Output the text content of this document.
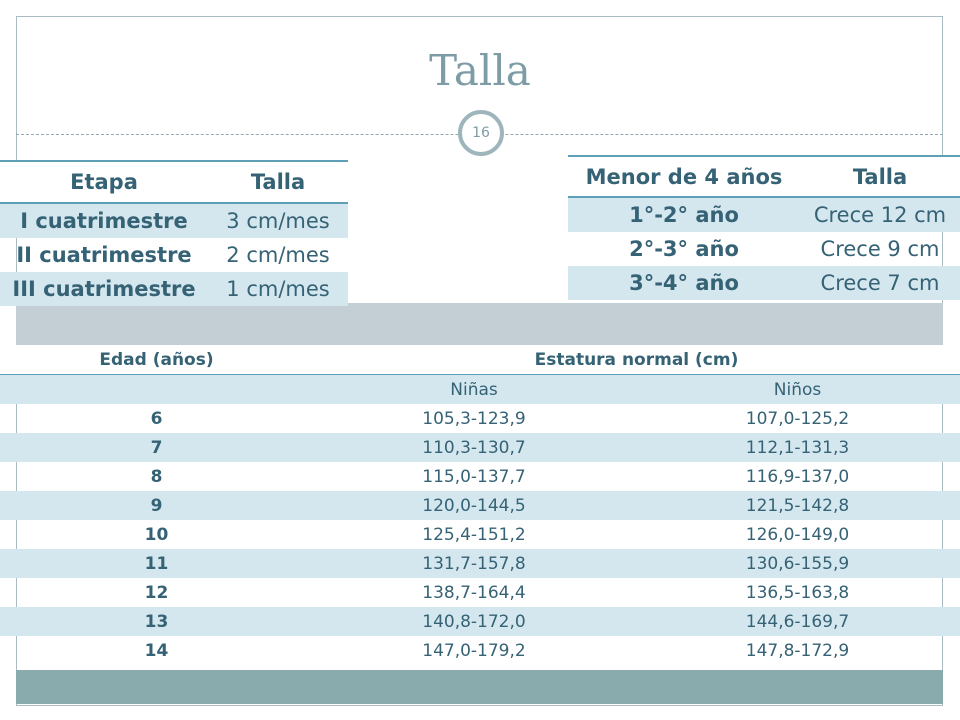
Talla
16
Etapa	Talla
I cuatrimestre	3 cm/mes
II cuatrimestre	2 cm/mes
III cuatrimestre	1 cm/mes
Menor de 4 años	Talla
1°-2° año	Crece 12 cm
2°-3° año	Crece 9 cm
3°-4° año	Crece 7 cm
Edad (años)	Estatura normal (cm)	
	Niñas	Niños
6	105,3-123,9	107,0-125,2
7	110,3-130,7	112,1-131,3
8	115,0-137,7	116,9-137,0
9	120,0-144,5	121,5-142,8
10	125,4-151,2	126,0-149,0
11	131,7-157,8	130,6-155,9
12	138,7-164,4	136,5-163,8
13	140,8-172,0	144,6-169,7
14	147,0-179,2	147,8-172,9
